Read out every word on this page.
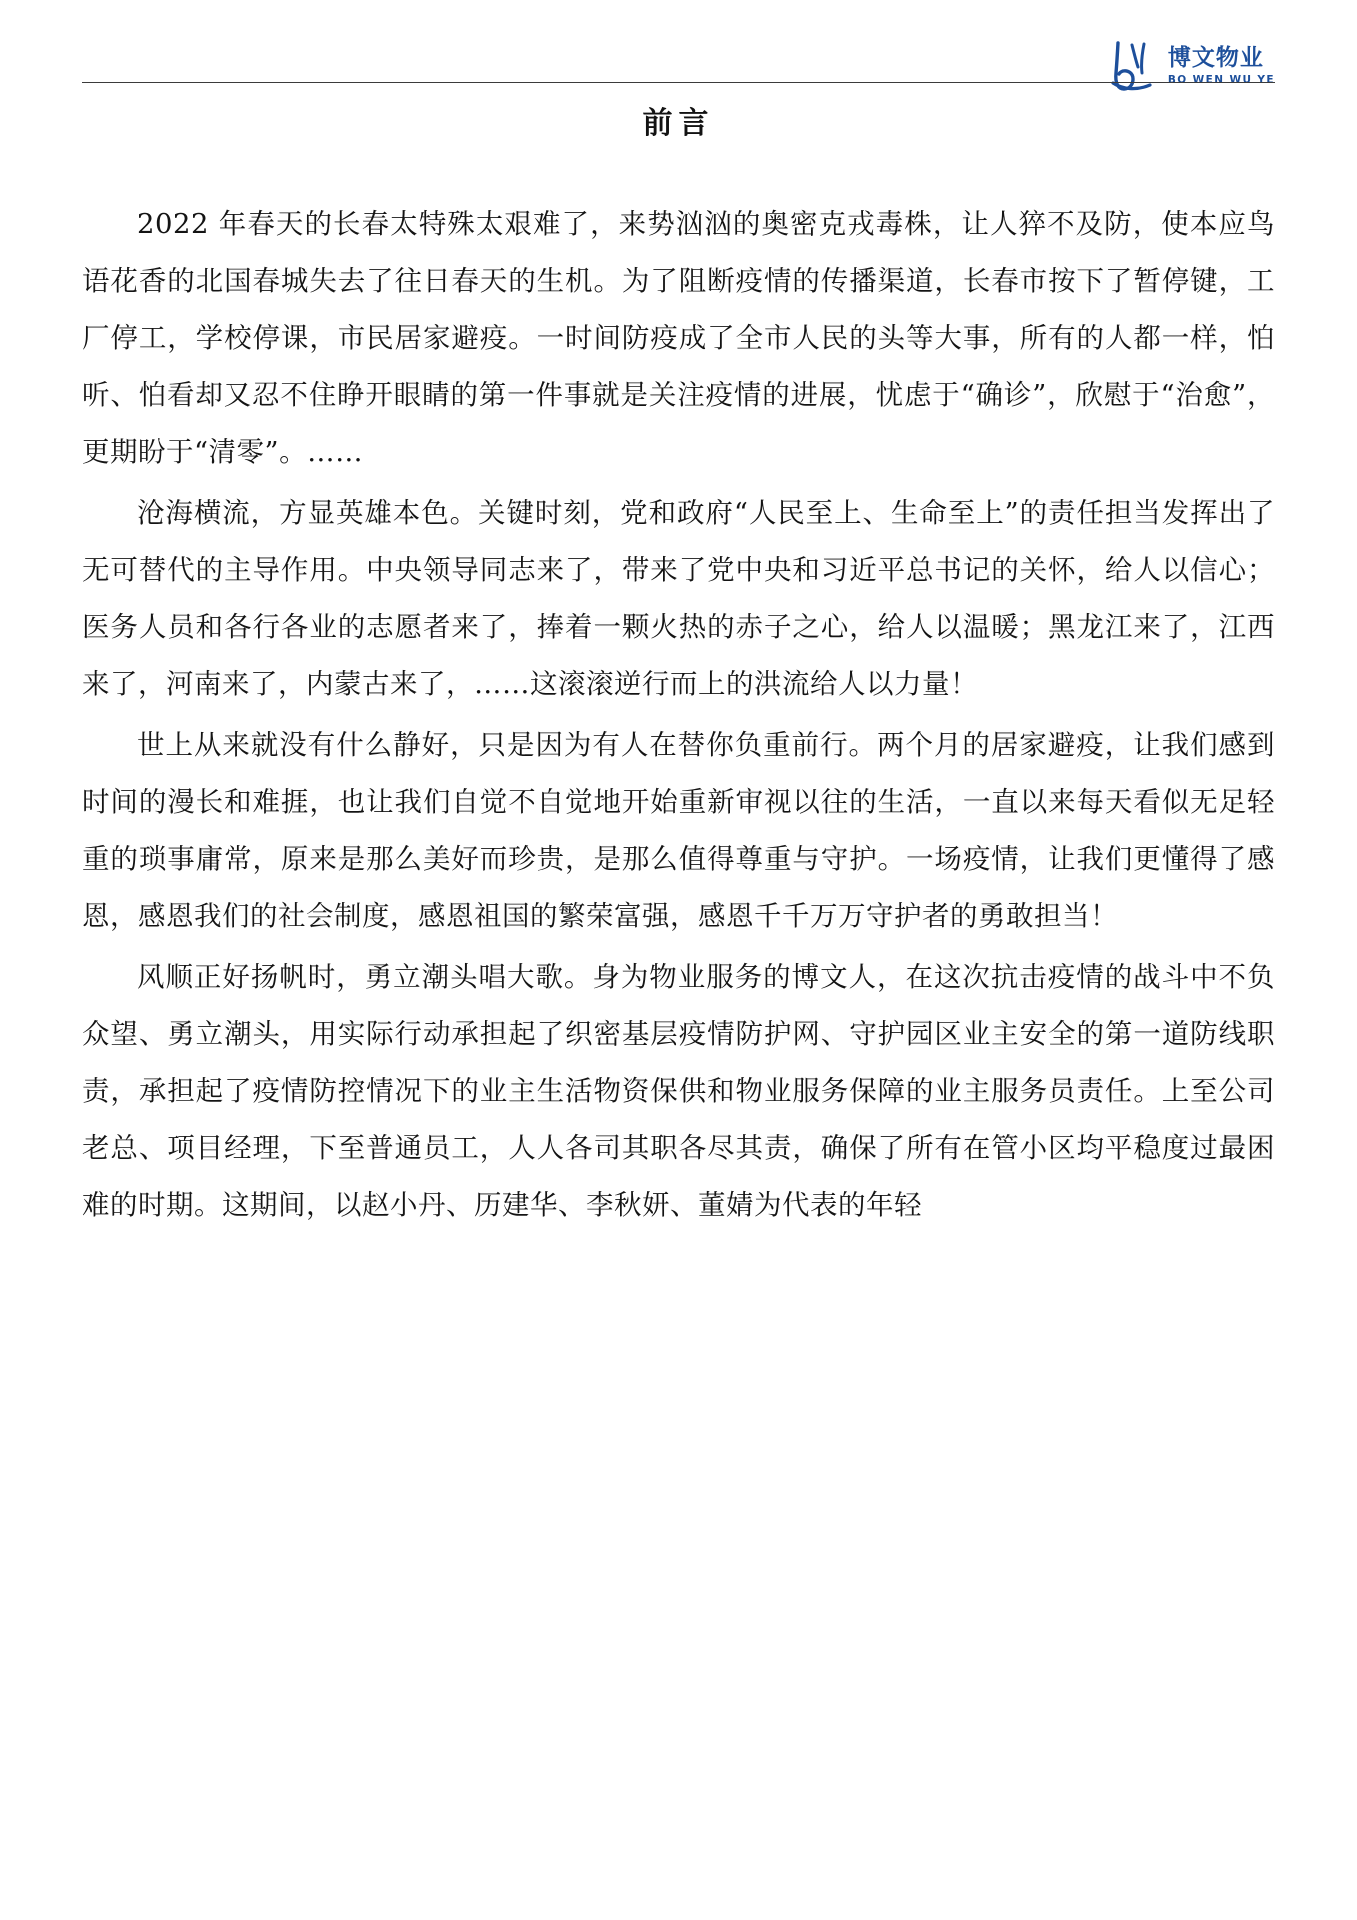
博文物业
BO WEN WU YE
前言

2022 年春天的长春太特殊太艰难了，来势汹汹的奥密克戎毒株，让人猝不及防，使本应鸟语花香的北国春城失去了往日春天的生机。为了阻断疫情的传播渠道，长春市按下了暂停键，工厂停工，学校停课，市民居家避疫。一时间防疫成了全市人民的头等大事，所有的人都一样，怕听、怕看却又忍不住睁开眼睛的第一件事就是关注疫情的进展，忧虑于“确诊”，欣慰于“治愈”，更期盼于“清零”。……

沧海横流，方显英雄本色。关键时刻，党和政府“人民至上、生命至上”的责任担当发挥出了无可替代的主导作用。中央领导同志来了，带来了党中央和习近平总书记的关怀，给人以信心；医务人员和各行各业的志愿者来了，捧着一颗火热的赤子之心，给人以温暖；黑龙江来了，江西来了，河南来了，内蒙古来了，……这滚滚逆行而上的洪流给人以力量！

世上从来就没有什么静好，只是因为有人在替你负重前行。两个月的居家避疫，让我们感到时间的漫长和难捱，也让我们自觉不自觉地开始重新审视以往的生活，一直以来每天看似无足轻重的琐事庸常，原来是那么美好而珍贵，是那么值得尊重与守护。一场疫情，让我们更懂得了感恩，感恩我们的社会制度，感恩祖国的繁荣富强，感恩千千万万守护者的勇敢担当！

风顺正好扬帆时，勇立潮头唱大歌。身为物业服务的博文人，在这次抗击疫情的战斗中不负众望、勇立潮头，用实际行动承担起了织密基层疫情防护网、守护园区业主安全的第一道防线职责，承担起了疫情防控情况下的业主生活物资保供和物业服务保障的业主服务员责任。上至公司老总、项目经理，下至普通员工，人人各司其职各尽其责，确保了所有在管小区均平稳度过最困难的时期。这期间，以赵小丹、历建华、李秋妍、董婧为代表的年轻
